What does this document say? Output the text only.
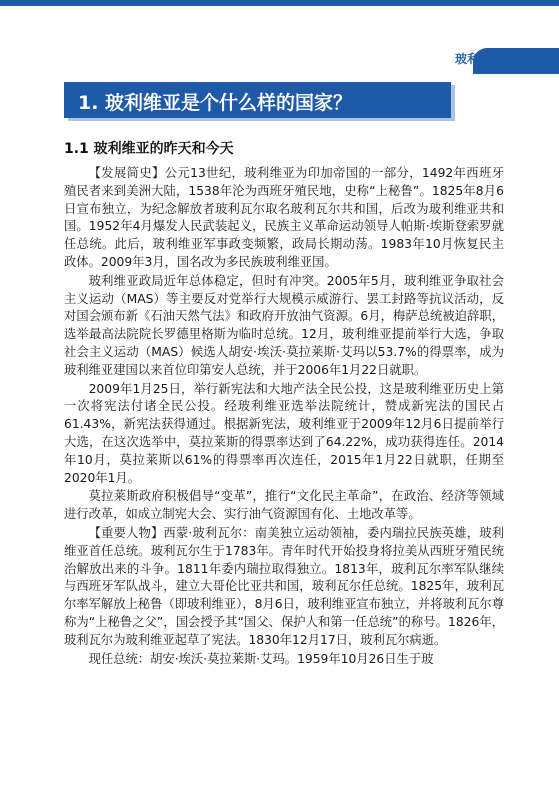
玻利维亚 2 2
1. 玻利维亚是个什么样的国家？
1.1 玻利维亚的昨天和今天

【发展简史】公元13世纪，玻利维亚为印加帝国的一部分，1492年西班牙殖民者来到美洲大陆，1538年沦为西班牙殖民地，史称“上秘鲁”。1825年8月6日宣布独立，为纪念解放者玻利瓦尔取名玻利瓦尔共和国，后改为玻利维亚共和国。1952年4月爆发人民武装起义，民族主义革命运动领导人帕斯·埃斯登索罗就任总统。此后，玻利维亚军事政变频繁，政局长期动荡。1983年10月恢复民主政体。2009年3月，国名改为多民族玻利维亚国。

玻利维亚政局近年总体稳定，但时有冲突。2005年5月，玻利维亚争取社会主义运动（MAS）等主要反对党举行大规模示威游行、罢工封路等抗议活动，反对国会颁布新《石油天然气法》和政府开放油气资源。6月，梅萨总统被迫辞职，选举最高法院院长罗德里格斯为临时总统。12月，玻利维亚提前举行大选，争取社会主义运动（MAS）候选人胡安·埃沃·莫拉莱斯·艾玛以53.7%的得票率，成为玻利维亚建国以来首位印第安人总统，并于2006年1月22日就职。

2009年1月25日，举行新宪法和大地产法全民公投，这是玻利维亚历史上第一次将宪法付诸全民公投。经玻利维亚选举法院统计，赞成新宪法的国民占61.43%，新宪法获得通过。根据新宪法，玻利维亚于2009年12月6日提前举行大选，在这次选举中，莫拉莱斯的得票率达到了64.22%，成功获得连任。2014年10月，莫拉莱斯以61%的得票率再次连任，2015年1月22日就职，任期至2020年1月。

莫拉莱斯政府积极倡导“变革”，推行“文化民主革命”，在政治、经济等领域进行改革，如成立制宪大会、实行油气资源国有化、土地改革等。

【重要人物】西蒙·玻利瓦尔：南美独立运动领袖，委内瑞拉民族英雄，玻利维亚首任总统。玻利瓦尔生于1783年。青年时代开始投身将拉美从西班牙殖民统治解放出来的斗争。1811年委内瑞拉取得独立。1813年，玻利瓦尔率军队继续与西班牙军队战斗，建立大哥伦比亚共和国，玻利瓦尔任总统。1825年，玻利瓦尔率军解放上秘鲁（即玻利维亚），8月6日，玻利维亚宣布独立，并将玻利瓦尔尊称为“上秘鲁之父”，国会授予其“国父、保护人和第一任总统”的称号。1826年，玻利瓦尔为玻利维亚起草了宪法。1830年12月17日，玻利瓦尔病逝。

现任总统：胡安·埃沃·莫拉莱斯·艾玛。1959年10月26日生于玻
